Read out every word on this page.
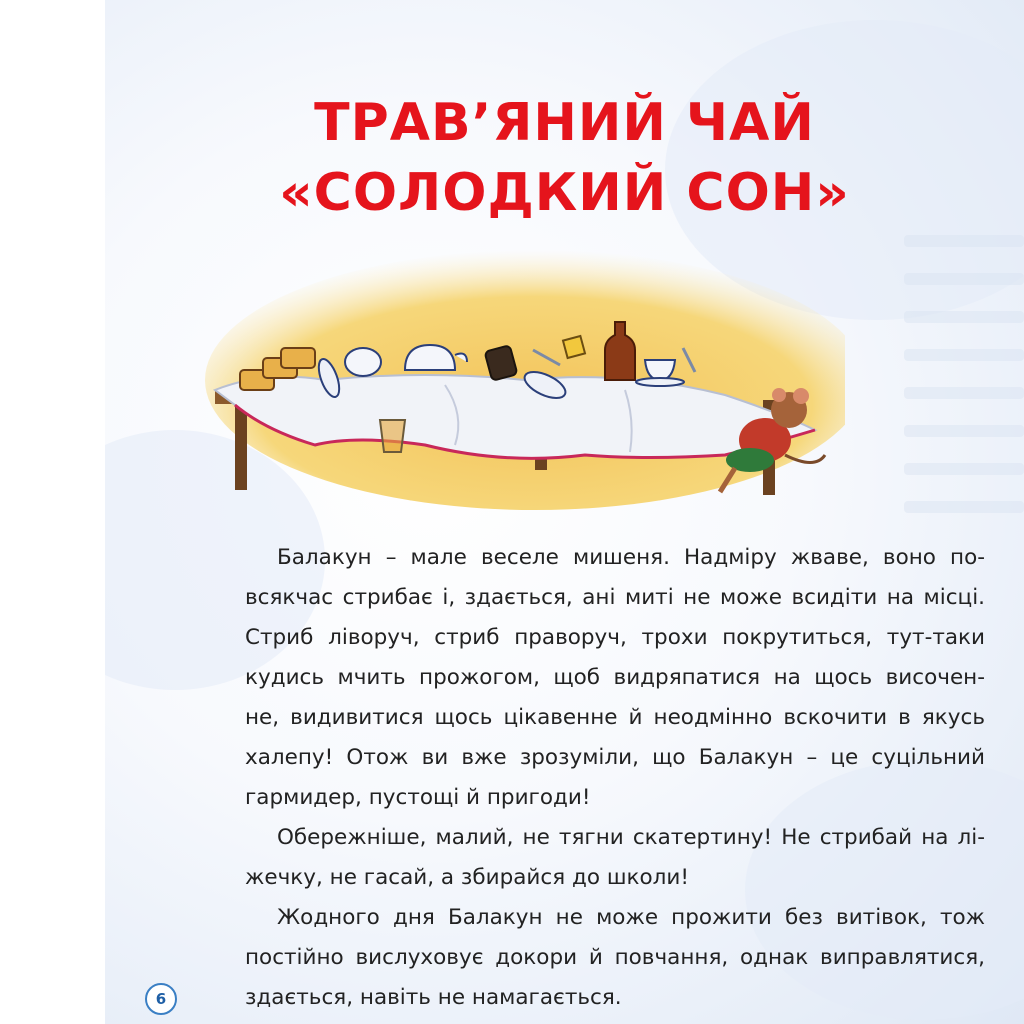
ТРАВ’ЯНИЙ ЧАЙ
«СОЛОДКИЙ СОН»

Балакун – мале веселе мишеня. Надміру жваве, воно по-
всякчас стрибає і, здається, ані миті не може всидіти на місці.
Стриб ліворуч, стриб праворуч, трохи покрутиться, тут-таки
кудись мчить прожогом, щоб видряпатися на щось височен-
не, видивитися щось цікавенне й неодмінно вскочити в якусь
халепу! Отож ви вже зрозуміли, що Балакун – це суцільний
гармидер, пустощі й пригоди!

Обережніше, малий, не тягни скатертину! Не стрибай на лі-
жечку, не гасай, а збирайся до школи!

Жодного дня Балакун не може прожити без витівок, тож
постійно вислуховує докори й повчання, однак виправлятися,
здається, навіть не намагається.

6
